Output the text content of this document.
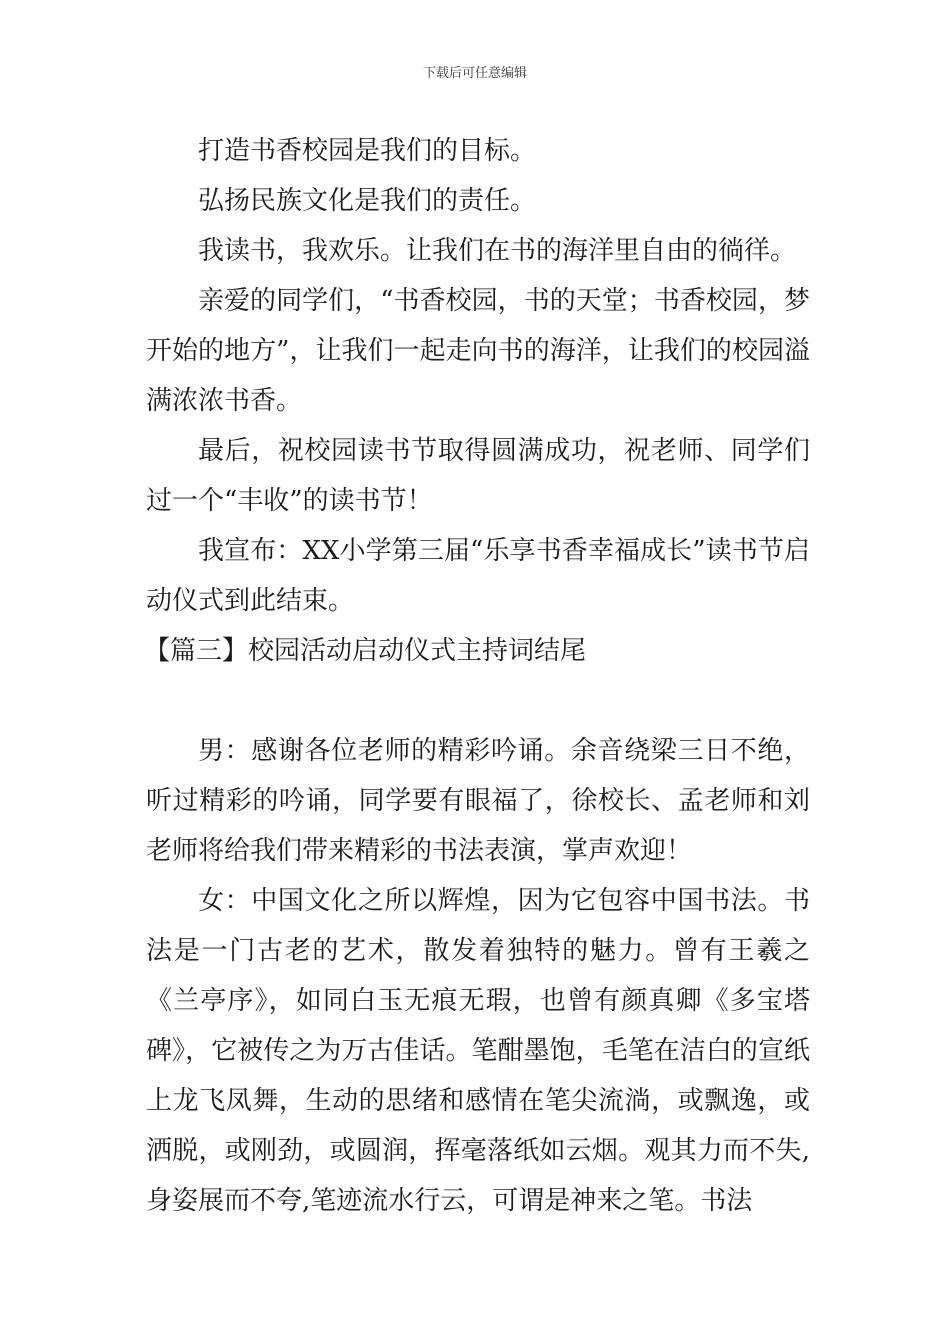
下载后可任意编辑

打造书香校园是我们的目标。

弘扬民族文化是我们的责任。

我读书，我欢乐。让我们在书的海洋里自由的徜徉。

亲爱的同学们，“书香校园，书的天堂；书香校园，梦开始的地方”，让我们一起走向书的海洋，让我们的校园溢满浓浓书香。

最后，祝校园读书节取得圆满成功，祝老师、同学们过一个“丰收”的读书节！

我宣布：XX小学第三届“乐享书香幸福成长”读书节启动仪式到此结束。

【篇三】校园活动启动仪式主持词结尾

男：感谢各位老师的精彩吟诵。余音绕梁三日不绝，听过精彩的吟诵，同学要有眼福了，徐校长、孟老师和刘老师将给我们带来精彩的书法表演，掌声欢迎！

女：中国文化之所以辉煌，因为它包容中国书法。书法是一门古老的艺术，散发着独特的魅力。曾有王羲之《兰亭序》，如同白玉无痕无瑕，也曾有颜真卿《多宝塔碑》，它被传之为万古佳话。笔酣墨饱，毛笔在洁白的宣纸上龙飞凤舞，生动的思绪和感情在笔尖流淌，或飘逸，或洒脱，或刚劲，或圆润，挥毫落纸如云烟。观其力而不失,身姿展而不夸,笔迹流水行云，可谓是神来之笔。书法
